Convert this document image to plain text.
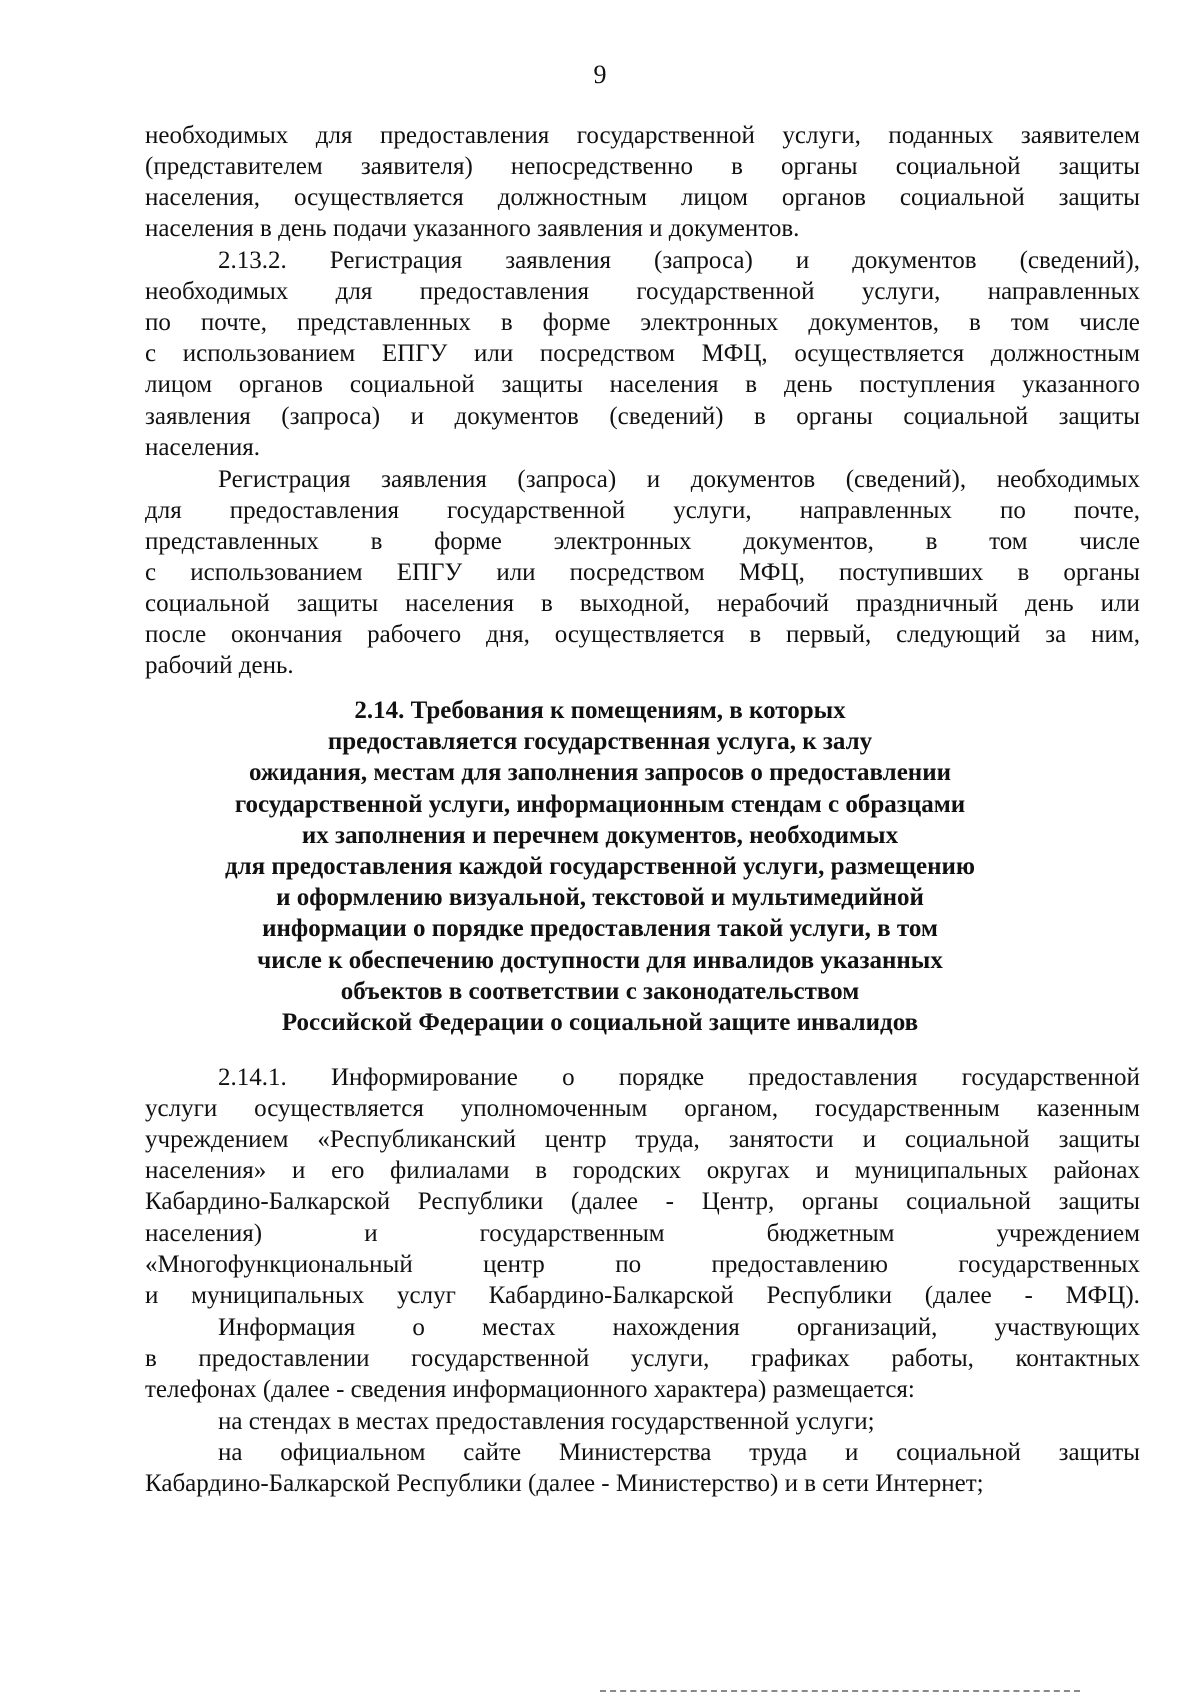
9
необходимых для предоставления государственной услуги, поданных заявителем
(представителем заявителя) непосредственно в органы социальной защиты
населения, осуществляется должностным лицом органов социальной защиты
населения в день подачи указанного заявления и документов.
2.13.2. Регистрация заявления (запроса) и документов (сведений),
необходимых для предоставления государственной услуги, направленных
по почте, представленных в форме электронных документов, в том числе
с использованием ЕПГУ или посредством МФЦ, осуществляется должностным
лицом органов социальной защиты населения в день поступления указанного
заявления (запроса) и документов (сведений) в органы социальной защиты
населения.
Регистрация заявления (запроса) и документов (сведений), необходимых
для предоставления государственной услуги, направленных по почте,
представленных в форме электронных документов, в том числе
с использованием ЕПГУ или посредством МФЦ, поступивших в органы
социальной защиты населения в выходной, нерабочий праздничный день или
после окончания рабочего дня, осуществляется в первый, следующий за ним,
рабочий день.
2.14.1. Информирование о порядке предоставления государственной
услуги осуществляется уполномоченным органом, государственным казенным
учреждением «Республиканский центр труда, занятости и социальной защиты
населения» и его филиалами в городских округах и муниципальных районах
Кабардино-Балкарской Республики (далее - Центр, органы социальной защиты
населения)	и	государственным	бюджетным	учреждением
«Многофункциональный	центр	по	предоставлению	государственных
и муниципальных услуг Кабардино-Балкарской Республики (далее - МФЦ).
Информация о местах нахождения организаций, участвующих
в предоставлении государственной услуги, графиках работы, контактных
телефонах (далее - сведения информационного характера) размещается:
на стендах в местах предоставления государственной услуги;
на официальном сайте Министерства труда и социальной защиты
Кабардино-Балкарской Республики (далее - Министерство) и в сети Интернет;
2.14. Требования к помещениям, в которых
предоставляется государственная услуга, к залу
ожидания, местам для заполнения запросов о предоставлении
государственной услуги, информационным стендам с образцами
их заполнения и перечнем документов, необходимых
для предоставления каждой государственной услуги, размещению
и оформлению визуальной, текстовой и мультимедийной
информации о порядке предоставления такой услуги, в том
числе к обеспечению доступности для инвалидов указанных
объектов в соответствии с законодательством
Российской Федерации о социальной защите инвалидов
